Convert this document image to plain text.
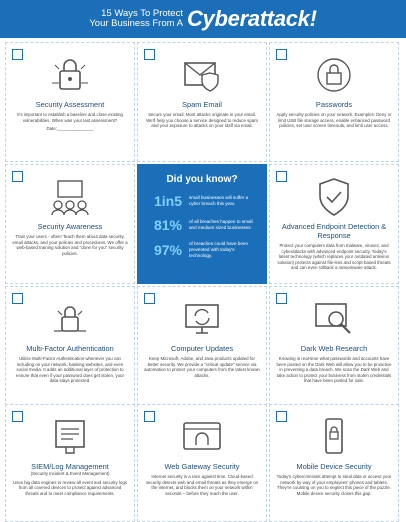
15 Ways To Protect
Your Business From A Cyberattack!
Security Assessment
It's important to establish a baseline and close existing vulnerabilities. When was your last assessment?
Date:_______________
Spam Email
Secure your email. Most attacks originate in your email. We'll help you choose a service designed to reduce spam and your exposure to attacks on your staff via email.
Passwords
Apply security policies on your network. Examples: Deny or limit USB file storage access, enable enhanced password policies, set user screen timeouts, and limit user access.
Security Awareness
Train your users - often! Teach them about data security, email attacks, and your policies and procedures. We offer a web-based training solution and "done for you" security policies.
Did you know?
1in5	small businesses will suffer a cyber breach this year.
81%	of all breaches happen to small and medium sized businesses.
97%	of breaches could have been prevented with today's technology.
Advanced Endpoint Detection & Response
Protect your computers data from malware, viruses, and cyberattacks with advanced endpoint security. Today's latest technology (which replaces your outdated antivirus solution) protects against file-less and script-based threats and can even rollback a ransomware attack.
Multi-Factor Authentication
Utilize Multi-Factor Authentication whenever you can including on your network, banking websites, and even social media. It adds an additional layer of protection to ensure that even if your password does get stolen, your data stays protected.
Computer Updates
Keep Microsoft, Adobe, and Java products updated for better security. We provide a "critical update" service via automation to protect your computers from the latest known attacks.
Dark Web Research
Knowing in real-time what passwords and accounts have been posted on the Dark Web will allow you to be proactive in preventing a data breach. We scan the Dark Web and take action to protect your business from stolen credentials that have been posted for sale.
SIEM/Log Management
(Security Incident & Event Management)
Uses big data engines to review all event and security logs from all covered devices to protect against advanced threats and to meet compliance requirements.
Web Gateway Security
Internet security is a race against time. Cloud-based security detects web and email threats as they emerge on the internet, and blocks them on your network within seconds – before they reach the user.
Mobile Device Security
Today's cybercriminals attempt to steal data or access your network by way of your employees' phones and tablets. They're counting on you to neglect this piece of the puzzle. Mobile device security closes this gap.
